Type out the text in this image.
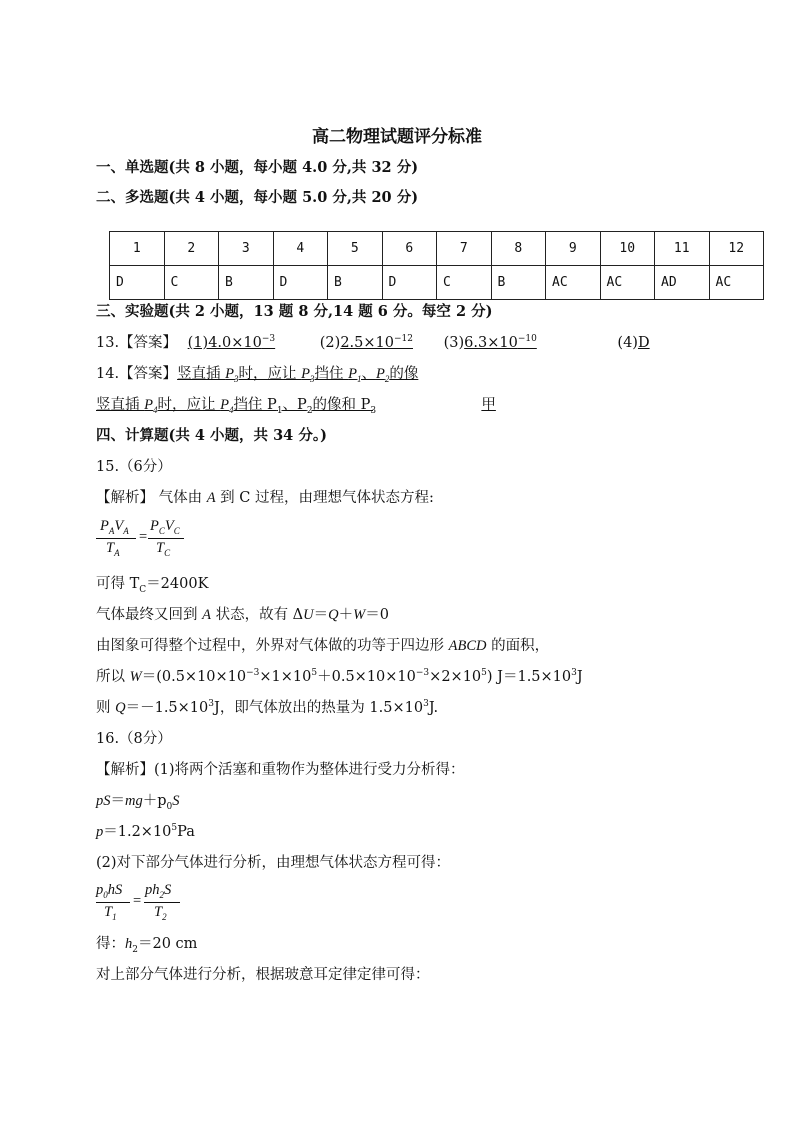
高二物理试题评分标准
一、单选题(共 8 小题，每小题 4.0 分,共 32 分)
二、多选题(共 4 小题，每小题 5.0 分,共 20 分)
1	2	3	4	5	6	7	8	9	10	11	12
D	C	B	D	B	D	C	B	AC	AC	AD	AC
三、实验题(共 2 小题，13 题 8 分,14 题 6 分。每空 2 分)
13.【答案】 $(1)4.0\times 10^{-3}$	$(2)2.5\times 10^{-12}$ $(3)6.3\times 10^{-10}$	(4)D
14.【答案】竖直插 $P_3$时，应让 $P_3$挡住 $P_1$、$P_2$的像
竖直插 $P_4$时，应让 $P_4$挡住 $P_1$、$P_2$的像和 $P_3$	甲
四、计算题(共 4 小题，共 34 分。)
15.（6分）
【解析】 气体由 A 到 C 过程，由理想气体状态方程:
$P_AV_A$
$T_A$
=
$P_CV_C$
$T_C$
可得 $T_C=2400K$
气体最终又回到 A 状态，故有 ΔU＝Q＋W＝0
由图象可得整个过程中，外界对气体做的功等于四边形 ABCD 的面积，
所以 $W=(0.5\times 10\times 10^{-3}\times 1\times 10^5+0.5\times 10\times 10^{-3}\times 2\times 10^5)$ $J=1.5\times 10^3J$
则 $Q=-1.5\times 10^3J$，即气体放出的热量为 $1.5\times 10^3J$.
16.（8分）
【解析】(1)将两个活塞和重物作为整体进行受力分析得：
$pS=mg+p_0S$
$p=1.2\times 10^5Pa$
(2)对下部分气体进行分析，由理想气体状态方程可得：
$p_0hS$
$T_1$
=
$ph_2S$
$T_2$
得：$h_2=20$ cm
对上部分气体进行分析，根据玻意耳定律定律可得：
